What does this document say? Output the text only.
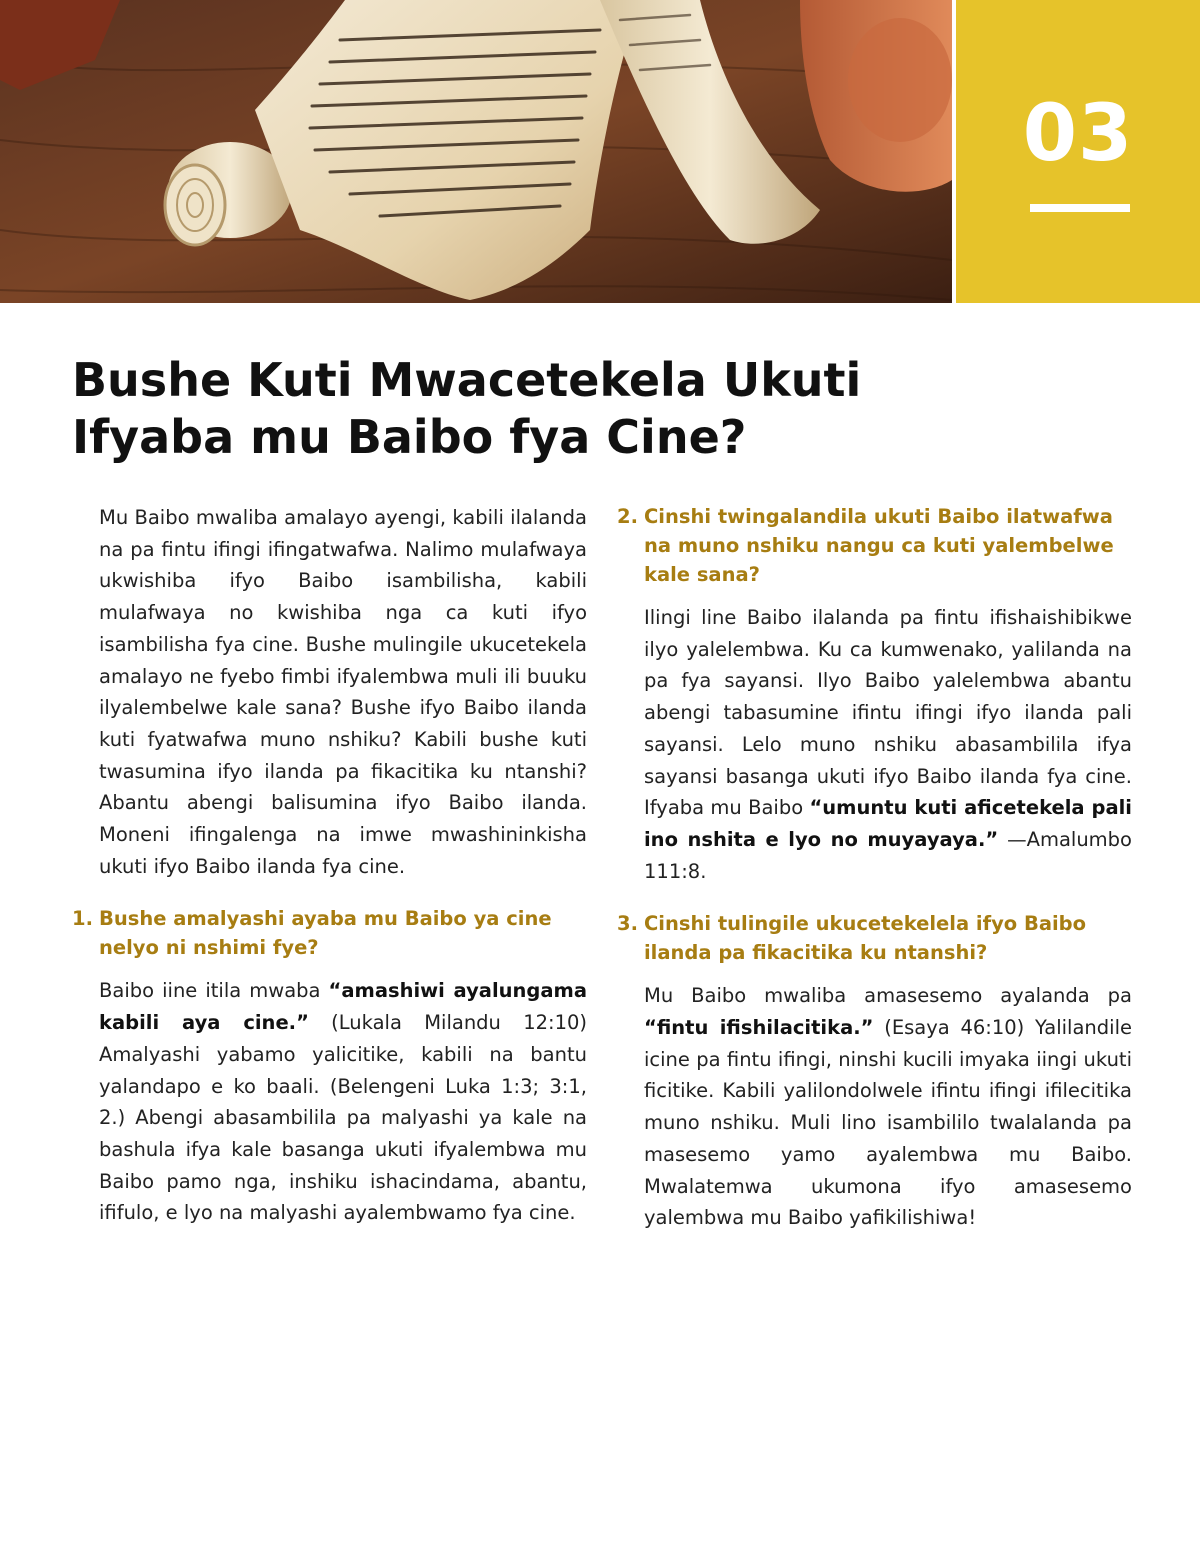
03
Bushe Kuti Mwacetekela Ukuti
Ifyaba mu Baibo fya Cine?

Mu Baibo mwaliba amalayo ayengi, kabili ilalanda na pa fintu ifingi ifingatwafwa. Nalimo mulafwaya ukwishiba ifyo Baibo isambilisha, kabili mulafwaya no kwishiba nga ca kuti ifyo isambilisha fya cine. Bushe mulingile ukucetekela amalayo ne fyebo fimbi ifyalembwa muli ili buuku ilyalembelwe kale sana? Bushe ifyo Baibo ilanda kuti fyatwafwa muno nshiku? Kabili bushe kuti twasumina ifyo ilanda pa fikacitika ku ntanshi? Abantu abengi balisumina ifyo Baibo ilanda. Moneni ifingalenga na imwe mwashininkisha ukuti ifyo Baibo ilanda fya cine.

1. Bushe amalyashi ayaba mu Baibo ya cine nelyo ni nshimi fye?

Baibo iine itila mwaba “amashiwi ayalungama kabili aya cine.” (Lukala Milandu 12:10) Amalyashi yabamo yalicitike, kabili na bantu yalandapo e ko baali. (Belengeni Luka 1:3; 3:1, 2.) Abengi abasambilila pa malyashi ya kale na bashula ifya kale basanga ukuti ifyalembwa mu Baibo pamo nga, inshiku ishacindama, abantu, ififulo, e lyo na malyashi ayalembwamo fya cine.

2. Cinshi twingalandila ukuti Baibo ilatwafwa na muno nshiku nangu ca kuti yalembelwe kale sana?

Ilingi line Baibo ilalanda pa fintu ifishaishibikwe ilyo yalelembwa. Ku ca kumwenako, yalilanda na pa fya sayansi. Ilyo Baibo yalelembwa abantu abengi tabasumine ifintu ifingi ifyo ilanda pali sayansi. Lelo muno nshiku abasambilila ifya sayansi basanga ukuti ifyo Baibo ilanda fya cine. Ifyaba mu Baibo “umuntu kuti aficetekela pali ino nshita e lyo no muyayaya.” —Amalumbo 111:8.

3. Cinshi tulingile ukucetekelela ifyo Baibo ilanda pa fikacitika ku ntanshi?

Mu Baibo mwaliba amasesemo ayalanda pa “fintu ifishilacitika.” (Esaya 46:10) Yalilandile icine pa fintu ifingi, ninshi kucili imyaka iingi ukuti ficitike. Kabili yalilondolwele ifintu ifingi ifilecitika muno nshiku. Muli lino isambililo twalalanda pa masesemo yamo ayalembwa mu Baibo. Mwalatemwa ukumona ifyo amasesemo yalembwa mu Baibo yafikilishiwa!
